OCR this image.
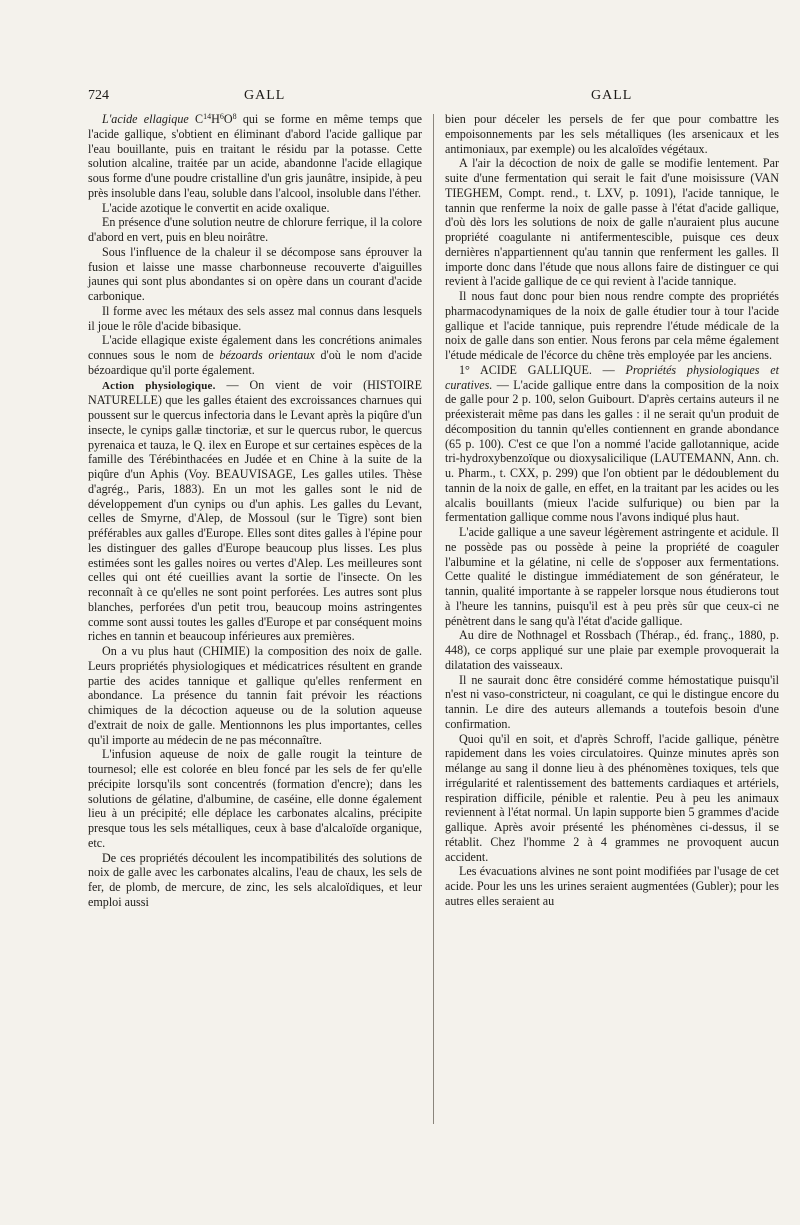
724	GALL	GALL

L'acide ellagique $C^{14}H^6O^8$ qui se forme en même temps que l'acide gallique, s'obtient en éliminant d'abord l'acide gallique par l'eau bouillante, puis en traitant le résidu par la potasse. Cette solution alcaline, traitée par un acide, abandonne l'acide ellagique sous forme d'une poudre cristalline d'un gris jaunâtre, insipide, à peu près insoluble dans l'eau, soluble dans l'alcool, insoluble dans l'éther.

L'acide azotique le convertit en acide oxalique.

En présence d'une solution neutre de chlorure ferrique, il la colore d'abord en vert, puis en bleu noirâtre.

Sous l'influence de la chaleur il se décompose sans éprouver la fusion et laisse une masse charbonneuse recouverte d'aiguilles jaunes qui sont plus abondantes si on opère dans un courant d'acide carbonique.

Il forme avec les métaux des sels assez mal connus dans lesquels il joue le rôle d'acide bibasique.

L'acide ellagique existe également dans les concrétions animales connues sous le nom de bézoards orientaux d'où le nom d'acide bézoardique qu'il porte également.

Action physiologique. — On vient de voir (HISTOIRE NATURELLE) que les galles étaient des excroissances charnues qui poussent sur le quercus infectoria dans le Levant après la piqûre d'un insecte, le cynips gallæ tinctoriæ, et sur le quercus rubor, le quercus pyrenaica et tauza, le Q. ilex en Europe et sur certaines espèces de la famille des Térébinthacées en Judée et en Chine à la suite de la piqûre d'un Aphis (Voy. BEAUVISAGE, Les galles utiles. Thèse d'agrég., Paris, 1883). En un mot les galles sont le nid de développement d'un cynips ou d'un aphis. Les galles du Levant, celles de Smyrne, d'Alep, de Mossoul (sur le Tigre) sont bien préférables aux galles d'Europe. Elles sont dites galles à l'épine pour les distinguer des galles d'Europe beaucoup plus lisses. Les plus estimées sont les galles noires ou vertes d'Alep. Les meilleures sont celles qui ont été cueillies avant la sortie de l'insecte. On les reconnaît à ce qu'elles ne sont point perforées. Les autres sont plus blanches, perforées d'un petit trou, beaucoup moins astringentes comme sont aussi toutes les galles d'Europe et par conséquent moins riches en tannin et beaucoup inférieures aux premières.

On a vu plus haut (CHIMIE) la composition des noix de galle. Leurs propriétés physiologiques et médicatrices résultent en grande partie des acides tannique et gallique qu'elles renferment en abondance. La présence du tannin fait prévoir les réactions chimiques de la décoction aqueuse ou de la solution aqueuse d'extrait de noix de galle. Mentionnons les plus importantes, celles qu'il importe au médecin de ne pas méconnaître.

L'infusion aqueuse de noix de galle rougit la teinture de tournesol; elle est colorée en bleu foncé par les sels de fer qu'elle précipite lorsqu'ils sont concentrés (formation d'encre); dans les solutions de gélatine, d'albumine, de caséine, elle donne également lieu à un précipité; elle déplace les carbonates alcalins, précipite presque tous les sels métalliques, ceux à base d'alcaloïde organique, etc.

De ces propriétés découlent les incompatibilités des solutions de noix de galle avec les carbonates alcalins, l'eau de chaux, les sels de fer, de plomb, de mercure, de zinc, les sels alcaloïdiques, et leur emploi aussi

bien pour déceler les persels de fer que pour combattre les empoisonnements par les sels métalliques (les arsenicaux et les antimoniaux, par exemple) ou les alcaloïdes végétaux.

A l'air la décoction de noix de galle se modifie lentement. Par suite d'une fermentation qui serait le fait d'une moisissure (VAN TIEGHEM, Compt. rend., t. LXV, p. 1091), l'acide tannique, le tannin que renferme la noix de galle passe à l'état d'acide gallique, d'où dès lors les solutions de noix de galle n'auraient plus aucune propriété coagulante ni antifermentescible, puisque ces deux dernières n'appartiennent qu'au tannin que renferment les galles. Il importe donc dans l'étude que nous allons faire de distinguer ce qui revient à l'acide gallique de ce qui revient à l'acide tannique.

Il nous faut donc pour bien nous rendre compte des propriétés pharmacodynamiques de la noix de galle étudier tour à tour l'acide gallique et l'acide tannique, puis reprendre l'étude médicale de la noix de galle dans son entier. Nous ferons par cela même également l'étude médicale de l'écorce du chêne très employée par les anciens.

1° ACIDE GALLIQUE. — Propriétés physiologiques et curatives. — L'acide gallique entre dans la composition de la noix de galle pour 2 p. 100, selon Guibourt. D'après certains auteurs il ne préexisterait même pas dans les galles : il ne serait qu'un produit de décomposition du tannin qu'elles contiennent en grande abondance (65 p. 100). C'est ce que l'on a nommé l'acide gallotannique, acide tri-hydroxybenzoïque ou dioxysalicilique (LAUTEMANN, Ann. ch. u. Pharm., t. CXX, p. 299) que l'on obtient par le dédoublement du tannin de la noix de galle, en effet, en la traitant par les acides ou les alcalis bouillants (mieux l'acide sulfurique) ou bien par la fermentation gallique comme nous l'avons indiqué plus haut.

L'acide gallique a une saveur légèrement astringente et acidule. Il ne possède pas ou possède à peine la propriété de coaguler l'albumine et la gélatine, ni celle de s'opposer aux fermentations. Cette qualité le distingue immédiatement de son générateur, le tannin, qualité importante à se rappeler lorsque nous étudierons tout à l'heure les tannins, puisqu'il est à peu près sûr que ceux-ci ne pénètrent dans le sang qu'à l'état d'acide gallique.

Au dire de Nothnagel et Rossbach (Thérap., éd. franç., 1880, p. 448), ce corps appliqué sur une plaie par exemple provoquerait la dilatation des vaisseaux.

Il ne saurait donc être considéré comme hémostatique puisqu'il n'est ni vaso-constricteur, ni coagulant, ce qui le distingue encore du tannin. Le dire des auteurs allemands a toutefois besoin d'une confirmation.

Quoi qu'il en soit, et d'après Schroff, l'acide gallique, pénètre rapidement dans les voies circulatoires. Quinze minutes après son mélange au sang il donne lieu à des phénomènes toxiques, tels que irrégularité et ralentissement des battements cardiaques et artériels, respiration difficile, pénible et ralentie. Peu à peu les animaux reviennent à l'état normal. Un lapin supporte bien 5 grammes d'acide gallique. Après avoir présenté les phénomènes ci-dessus, il se rétablit. Chez l'homme 2 à 4 grammes ne provoquent aucun accident.

Les évacuations alvines ne sont point modifiées par l'usage de cet acide. Pour les uns les urines seraient augmentées (Gubler); pour les autres elles seraient au
